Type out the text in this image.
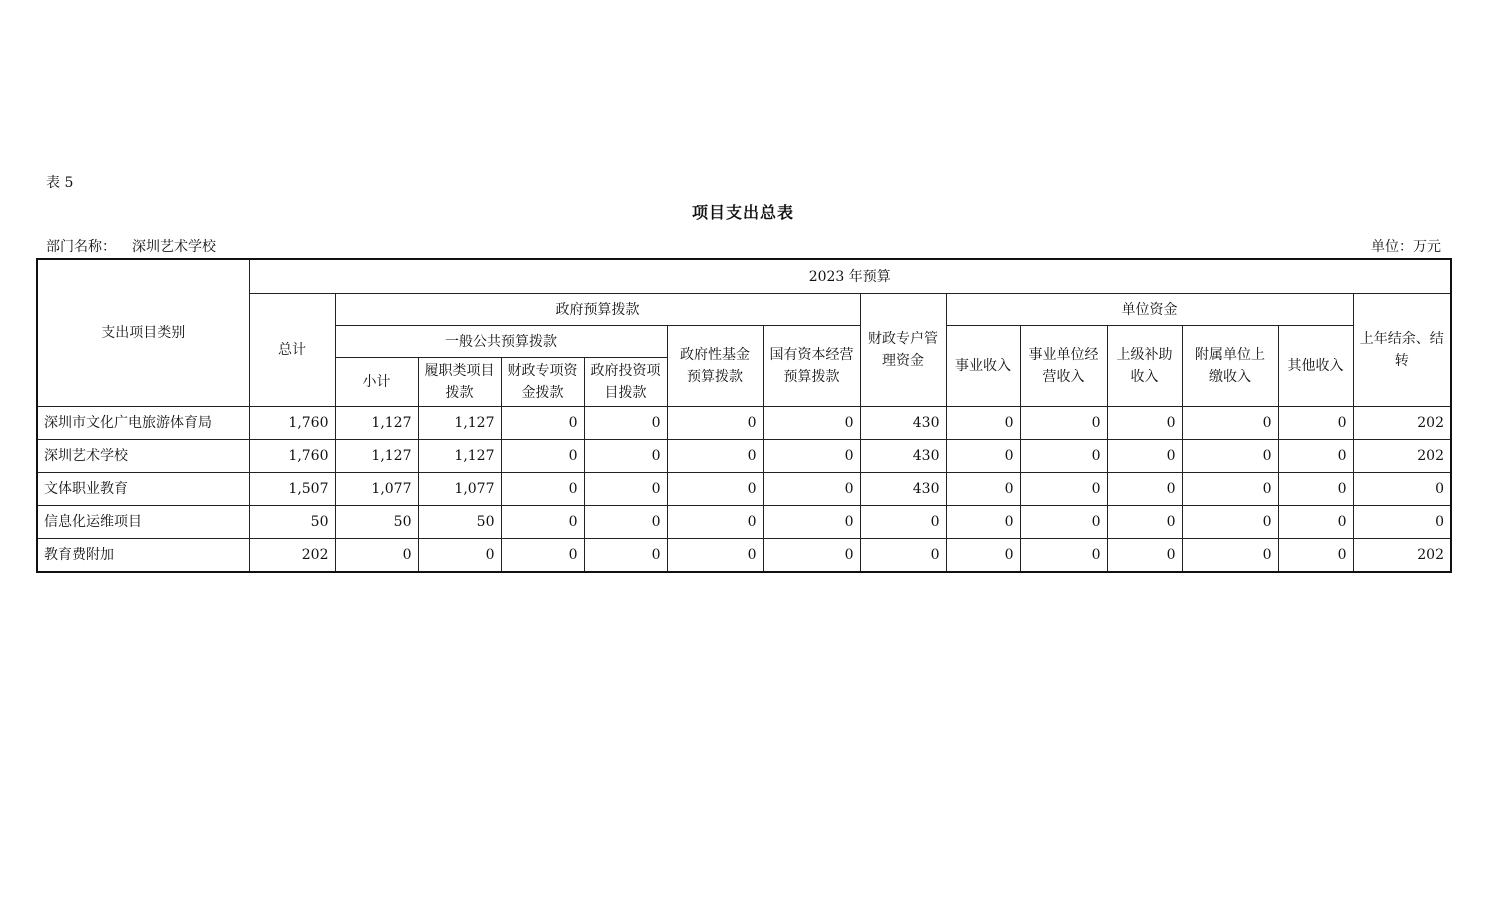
表 5
项目支出总表
部门名称： 深圳艺术学校	单位：万元
支出项目类别	2023 年预算													
	总计	政府预算拨款						财政专户管理资金	单位资金					上年结余、结转
		一般公共预算拨款				政府性基金预算拨款	国有资本经营预算拨款		事业收入	事业单位经营收入	上级补助收入	附属单位上缴收入	其他收入	
		小计	履职类项目拨款	财政专项资金拨款	政府投资项目拨款									
深圳市文化广电旅游体育局	1,760	1,127	1,127	0	0	0	0	430	0	0	0	0	0	202
深圳艺术学校	1,760	1,127	1,127	0	0	0	0	430	0	0	0	0	0	202
文体职业教育	1,507	1,077	1,077	0	0	0	0	430	0	0	0	0	0	0
信息化运维项目	50	50	50	0	0	0	0	0	0	0	0	0	0	0
教育费附加	202	0	0	0	0	0	0	0	0	0	0	0	0	202
